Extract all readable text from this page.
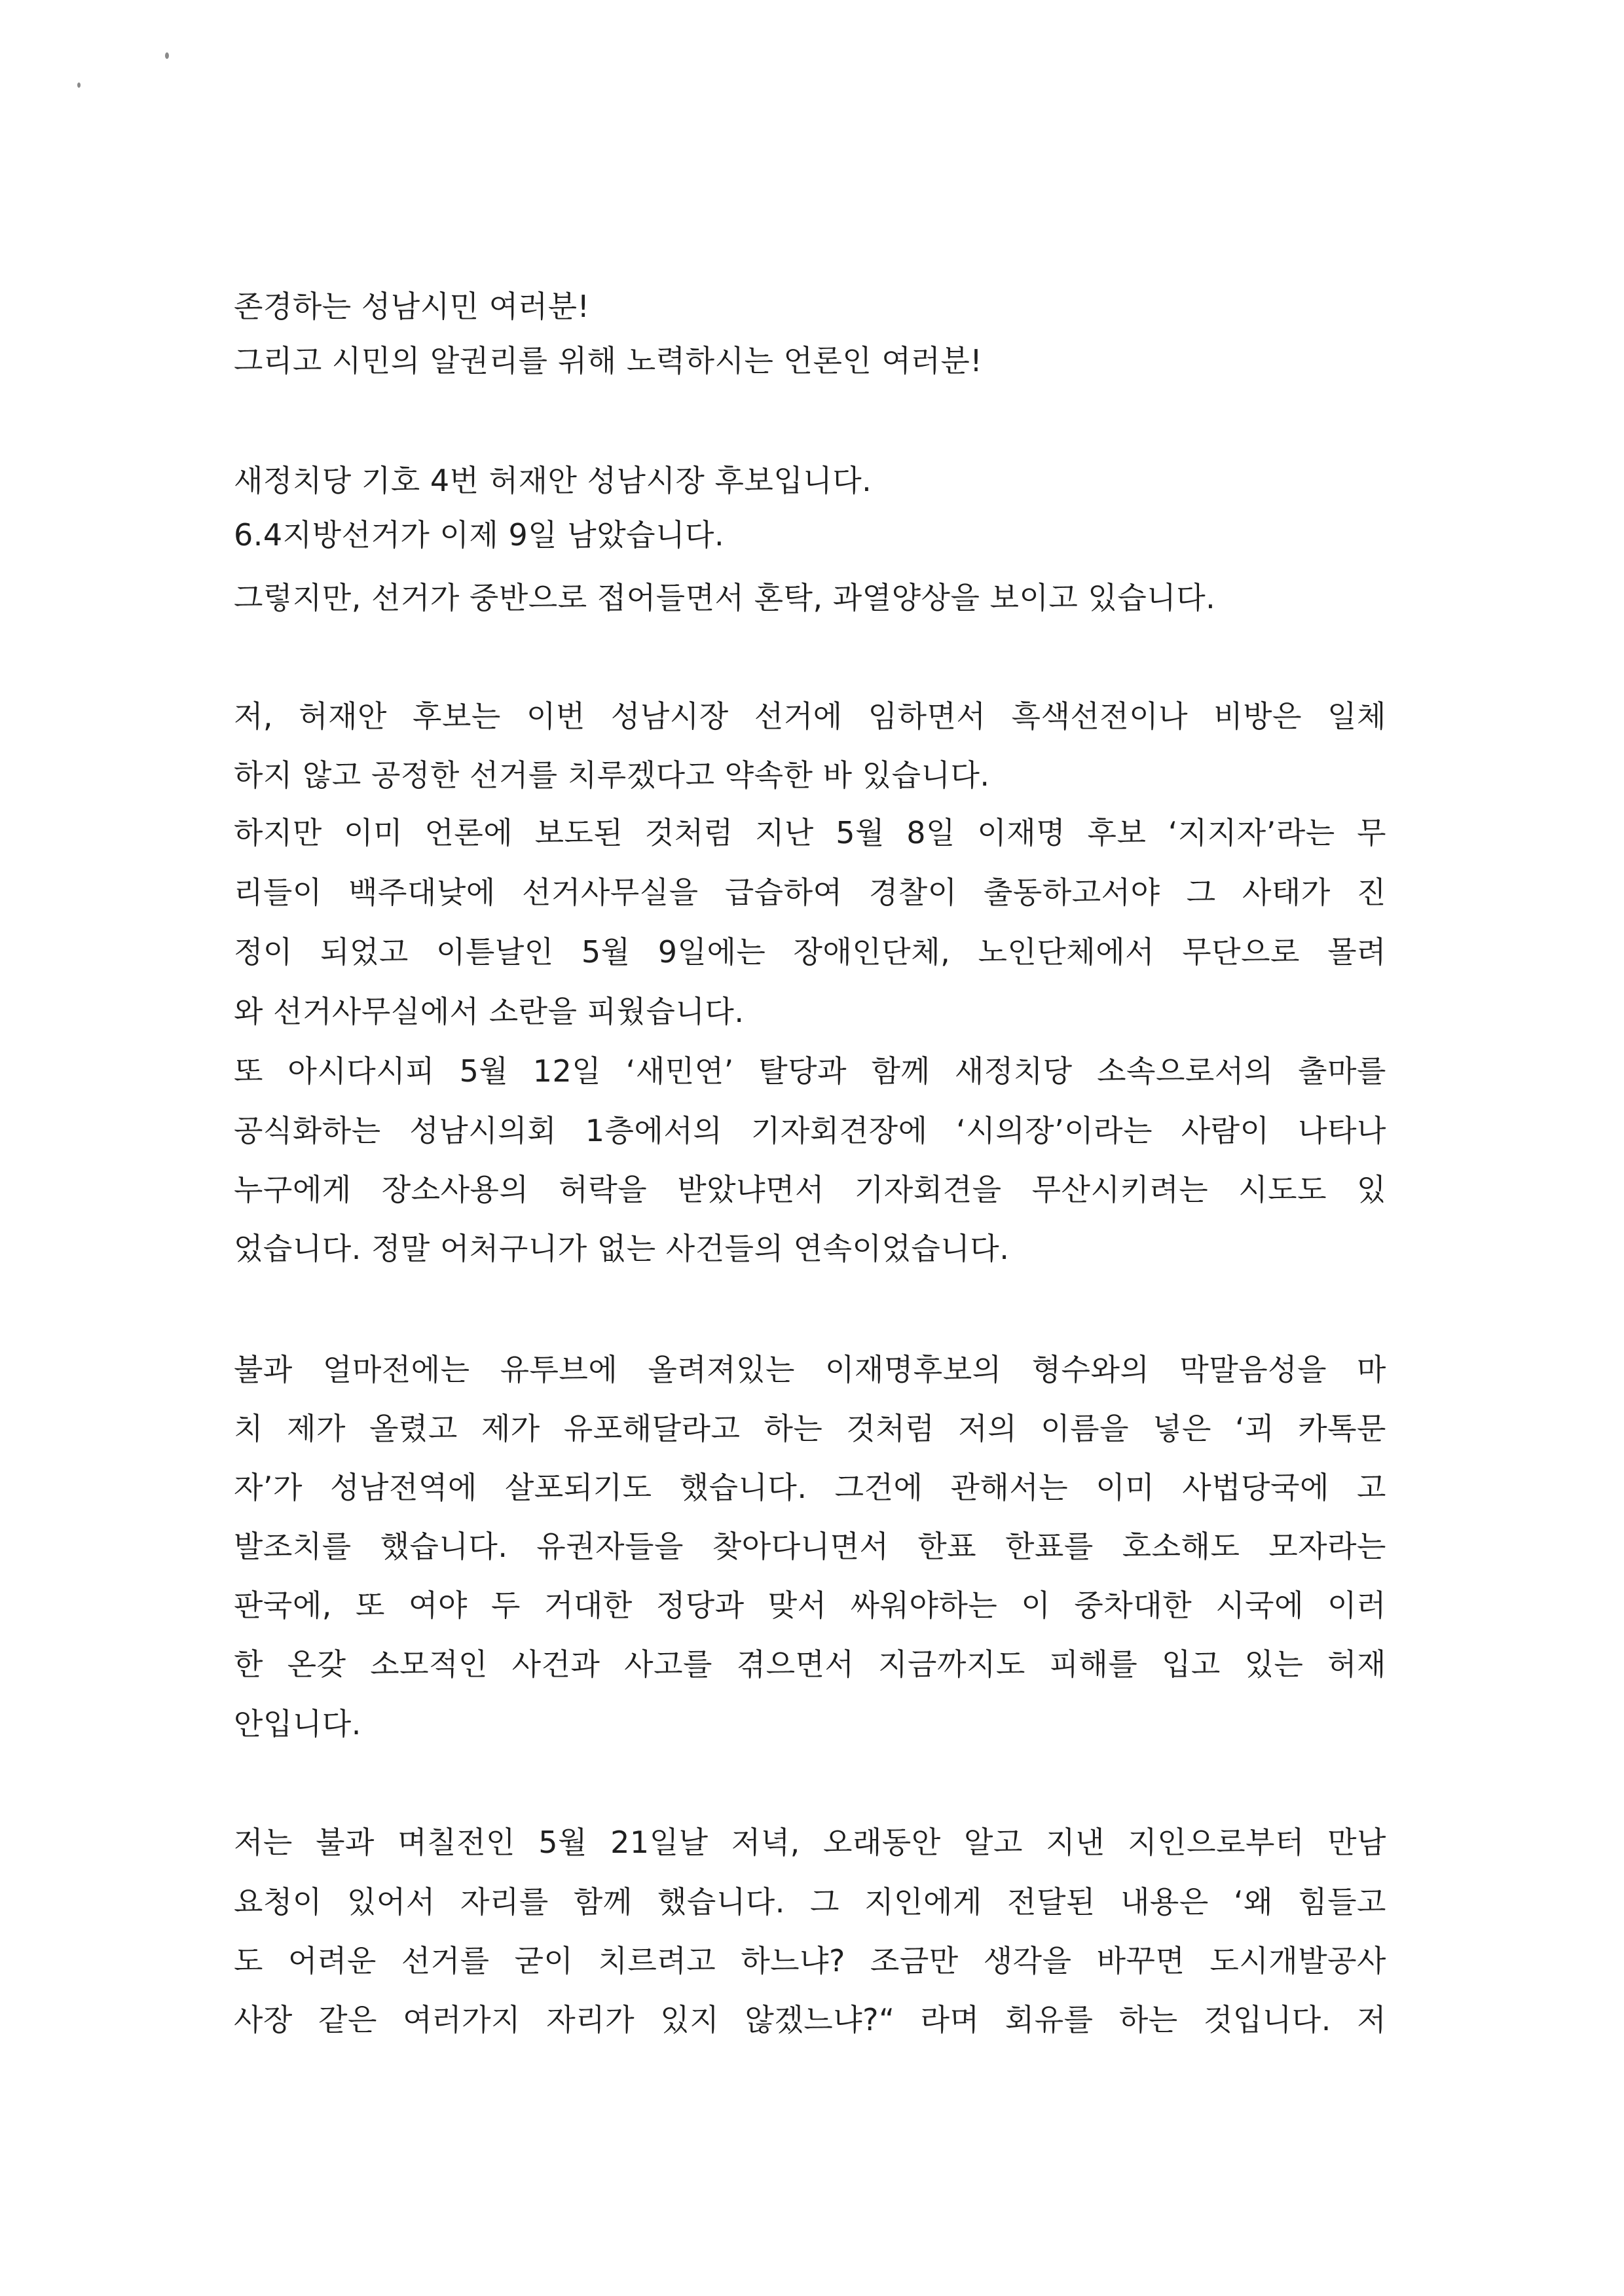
존경하는 성남시민 여러분!
그리고 시민의 알권리를 위해 노력하시는 언론인 여러분!
새정치당 기호 4번 허재안 성남시장 후보입니다.
6.4지방선거가 이제 9일 남았습니다.
그렇지만, 선거가 중반으로 접어들면서 혼탁, 과열양상을 보이고 있습니다.
저, 허재안 후보는 이번 성남시장 선거에 임하면서 흑색선전이나 비방은 일체
하지 않고 공정한 선거를 치루겠다고 약속한 바 있습니다.
하지만 이미 언론에 보도된 것처럼 지난 5월 8일 이재명 후보 ‘지지자’라는 무
리들이 백주대낮에 선거사무실을 급습하여 경찰이 출동하고서야 그 사태가 진
정이 되었고 이튿날인 5월 9일에는 장애인단체, 노인단체에서 무단으로 몰려
와 선거사무실에서 소란을 피웠습니다.
또 아시다시피 5월 12일 ‘새민연’ 탈당과 함께 새정치당 소속으로서의 출마를
공식화하는 성남시의회 1층에서의 기자회견장에 ‘시의장’이라는 사람이 나타나
누구에게 장소사용의 허락을 받았냐면서 기자회견을 무산시키려는 시도도 있
었습니다. 정말 어처구니가 없는 사건들의 연속이었습니다.
불과 얼마전에는 유투브에 올려져있는 이재명후보의 형수와의 막말음성을 마
치 제가 올렸고 제가 유포해달라고 하는 것처럼 저의 이름을 넣은 ‘괴 카톡문
자’가 성남전역에 살포되기도 했습니다. 그건에 관해서는 이미 사법당국에 고
발조치를 했습니다. 유권자들을 찾아다니면서 한표 한표를 호소해도 모자라는
판국에, 또 여야 두 거대한 정당과 맞서 싸워야하는 이 중차대한 시국에 이러
한 온갖 소모적인 사건과 사고를 겪으면서 지금까지도 피해를 입고 있는 허재
안입니다.
저는 불과 며칠전인 5월 21일날 저녁, 오래동안 알고 지낸 지인으로부터 만남
요청이 있어서 자리를 함께 했습니다. 그 지인에게 전달된 내용은 ‘왜 힘들고
도 어려운 선거를 굳이 치르려고 하느냐? 조금만 생각을 바꾸면 도시개발공사
사장 같은 여러가지 자리가 있지 않겠느냐?“ 라며 회유를 하는 것입니다. 저
